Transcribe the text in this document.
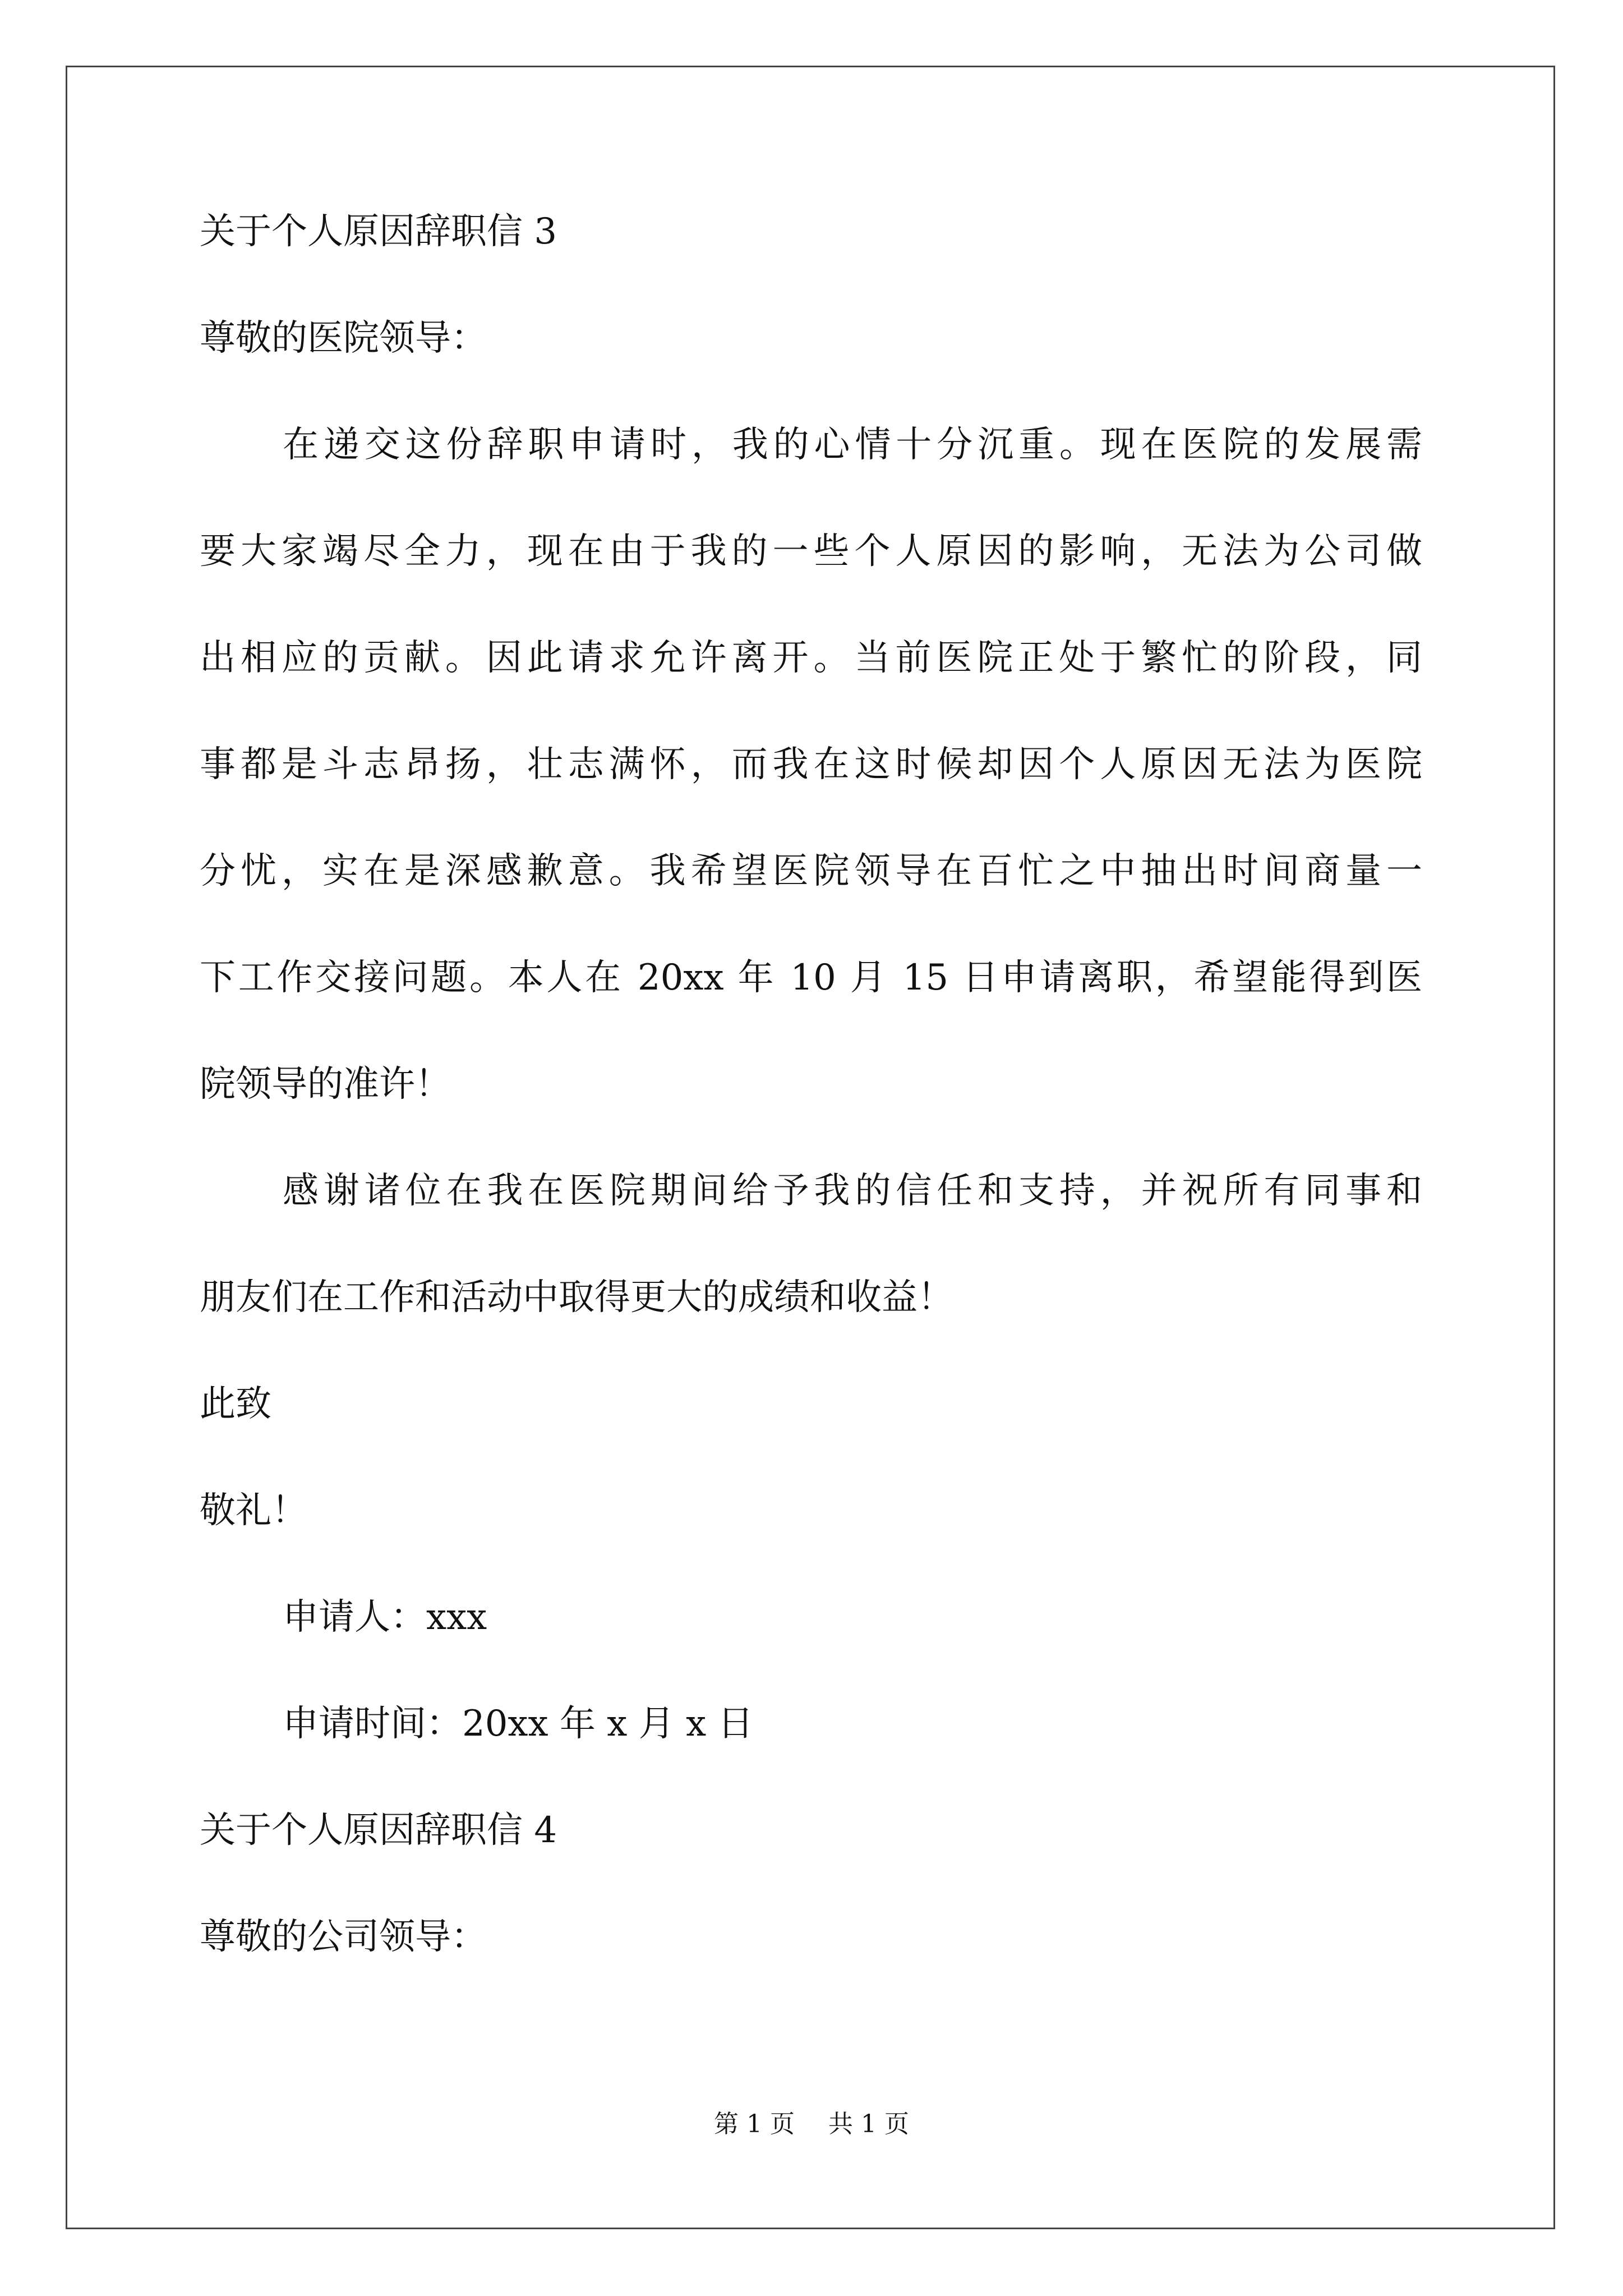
关于个人原因辞职信 3
尊敬的医院领导：
在递交这份辞职申请时，我的心情十分沉重。现在医院的发展需
要大家竭尽全力，现在由于我的一些个人原因的影响，无法为公司做
出相应的贡献。因此请求允许离开。当前医院正处于繁忙的阶段，同
事都是斗志昂扬，壮志满怀，而我在这时候却因个人原因无法为医院
分忧，实在是深感歉意。我希望医院领导在百忙之中抽出时间商量一
下工作交接问题。本人在 20xx 年 10 月 15 日申请离职，希望能得到医
院领导的准许！
感谢诸位在我在医院期间给予我的信任和支持，并祝所有同事和
朋友们在工作和活动中取得更大的成绩和收益！
此致
敬礼！
申请人：xxx
申请时间：20xx 年 x 月 x 日
关于个人原因辞职信 4
尊敬的公司领导：
第 1 页 共 1 页
